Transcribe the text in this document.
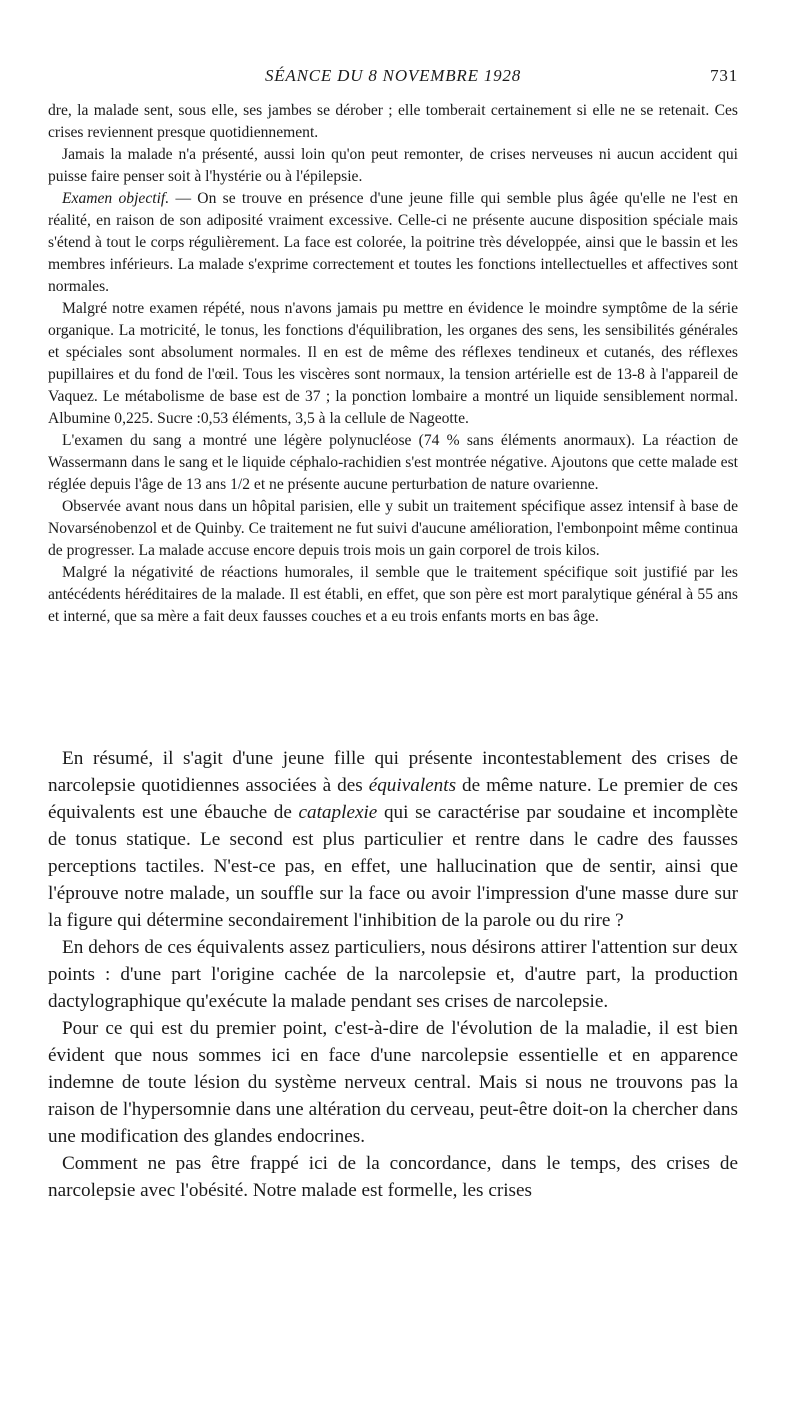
SÉANCE DU 8 NOVEMBRE 1928	731

dre, la malade sent, sous elle, ses jambes se dérober ; elle tomberait certainement si elle ne se retenait. Ces crises reviennent presque quotidiennement.

Jamais la malade n'a présenté, aussi loin qu'on peut remonter, de crises nerveuses ni aucun accident qui puisse faire penser soit à l'hystérie ou à l'épilepsie.

Examen objectif. — On se trouve en présence d'une jeune fille qui semble plus âgée qu'elle ne l'est en réalité, en raison de son adiposité vraiment excessive. Celle-ci ne présente aucune disposition spéciale mais s'étend à tout le corps régulièrement. La face est colorée, la poitrine très développée, ainsi que le bassin et les membres inférieurs. La malade s'exprime correctement et toutes les fonctions intellectuelles et affectives sont normales.

Malgré notre examen répété, nous n'avons jamais pu mettre en évidence le moindre symptôme de la série organique. La motricité, le tonus, les fonctions d'équilibration, les organes des sens, les sensibilités générales et spéciales sont absolument normales. Il en est de même des réflexes tendineux et cutanés, des réflexes pupillaires et du fond de l'œil. Tous les viscères sont normaux, la tension artérielle est de 13-8 à l'appareil de Vaquez. Le métabolisme de base est de 37 ; la ponction lombaire a montré un liquide sensiblement normal. Albumine 0,225. Sucre :0,53 éléments, 3,5 à la cellule de Nageotte.

L'examen du sang a montré une légère polynucléose (74 % sans éléments anormaux). La réaction de Wassermann dans le sang et le liquide céphalo-rachidien s'est montrée négative. Ajoutons que cette malade est réglée depuis l'âge de 13 ans 1/2 et ne présente aucune perturbation de nature ovarienne.

Observée avant nous dans un hôpital parisien, elle y subit un traitement spécifique assez intensif à base de Novarsénobenzol et de Quinby. Ce traitement ne fut suivi d'aucune amélioration, l'embonpoint même continua de progresser. La malade accuse encore depuis trois mois un gain corporel de trois kilos.

Malgré la négativité de réactions humorales, il semble que le traitement spécifique soit justifié par les antécédents héréditaires de la malade. Il est établi, en effet, que son père est mort paralytique général à 55 ans et interné, que sa mère a fait deux fausses couches et a eu trois enfants morts en bas âge.

En résumé, il s'agit d'une jeune fille qui présente incontestablement des crises de narcolepsie quotidiennes associées à des équivalents de même nature. Le premier de ces équivalents est une ébauche de cataplexie qui se caractérise par soudaine et incomplète de tonus statique. Le second est plus particulier et rentre dans le cadre des fausses perceptions tactiles. N'est-ce pas, en effet, une hallucination que de sentir, ainsi que l'éprouve notre malade, un souffle sur la face ou avoir l'impression d'une masse dure sur la figure qui détermine secondairement l'inhibition de la parole ou du rire ?

En dehors de ces équivalents assez particuliers, nous désirons attirer l'attention sur deux points : d'une part l'origine cachée de la narcolepsie et, d'autre part, la production dactylographique qu'exécute la malade pendant ses crises de narcolepsie.

Pour ce qui est du premier point, c'est-à-dire de l'évolution de la maladie, il est bien évident que nous sommes ici en face d'une narcolepsie essentielle et en apparence indemne de toute lésion du système nerveux central. Mais si nous ne trouvons pas la raison de l'hypersomnie dans une altération du cerveau, peut-être doit-on la chercher dans une modification des glandes endocrines.

Comment ne pas être frappé ici de la concordance, dans le temps, des crises de narcolepsie avec l'obésité. Notre malade est formelle, les crises
